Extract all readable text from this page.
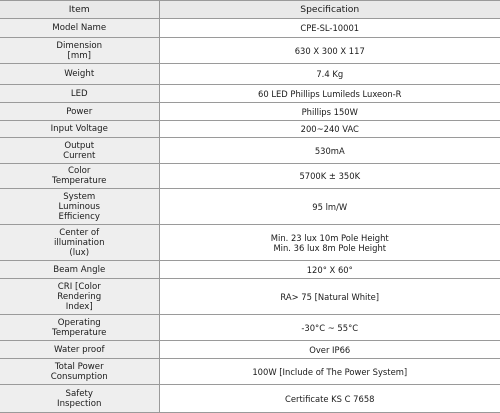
Item	Specification

Model Name	CPE-SL-10001

Dimension
[mm]	630 X 300 X 117

Weight	7.4 Kg

LED	60 LED Phillips Lumileds Luxeon-R

Power	Phillips 150W

Input Voltage	200~240 VAC

Output
Current	530mA

Color
Temperature	5700K ± 350K

System
Luminous
Efficiency	95 lm/W

Center of
illumination
(lux)	Min. 23 lux 10m Pole Height
Min. 36 lux 8m Pole Height

Beam Angle	120° X 60°

CRI [Color
Rendering
Index]	RA> 75 [Natural White]

Operating
Temperature	-30°C ~ 55°C

Water proof	Over IP66

Total Power
Consumption	100W [Include of The Power System]

Safety
Inspection	Certificate KS C 7658
